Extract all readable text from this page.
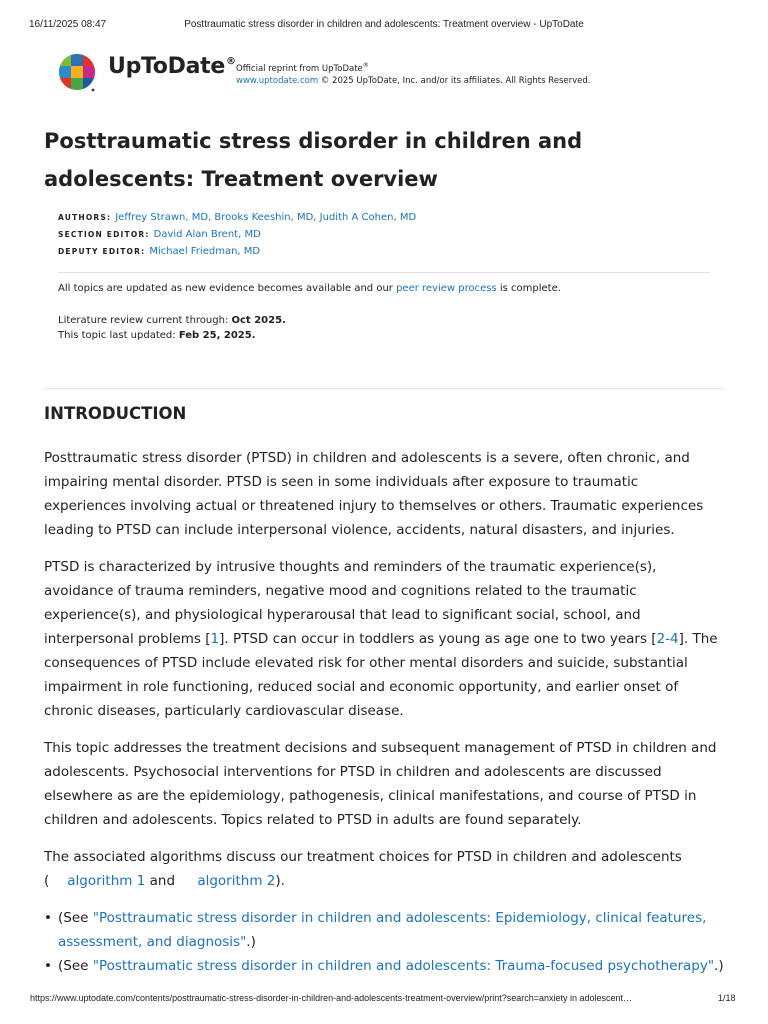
16/11/2025 08:47	Posttraumatic stress disorder in children and adolescents: Treatment overview - UpToDate
UpToDate®
Official reprint from UpToDate®
www.uptodate.com © 2025 UpToDate, Inc. and/or its affiliates. All Rights Reserved.
Posttraumatic stress disorder in children and adolescents: Treatment overview
AUTHORS: Jeffrey Strawn, MD, Brooks Keeshin, MD, Judith A Cohen, MD
SECTION EDITOR: David Alan Brent, MD
DEPUTY EDITOR: Michael Friedman, MD
All topics are updated as new evidence becomes available and our peer review process is complete.
Literature review current through: Oct 2025.
This topic last updated: Feb 25, 2025.
INTRODUCTION

Posttraumatic stress disorder (PTSD) in children and adolescents is a severe, often chronic, and impairing mental disorder. PTSD is seen in some individuals after exposure to traumatic experiences involving actual or threatened injury to themselves or others. Traumatic experiences leading to PTSD can include interpersonal violence, accidents, natural disasters, and injuries.

PTSD is characterized by intrusive thoughts and reminders of the traumatic experience(s), avoidance of trauma reminders, negative mood and cognitions related to the traumatic experience(s), and physiological hyperarousal that lead to significant social, school, and interpersonal problems [1]. PTSD can occur in toddlers as young as age one to two years [2-4]. The consequences of PTSD include elevated risk for other mental disorders and suicide, substantial impairment in role functioning, reduced social and economic opportunity, and earlier onset of chronic diseases, particularly cardiovascular disease.

This topic addresses the treatment decisions and subsequent management of PTSD in children and adolescents. Psychosocial interventions for PTSD in children and adolescents are discussed elsewhere as are the epidemiology, pathogenesis, clinical manifestations, and course of PTSD in children and adolescents. Topics related to PTSD in adults are found separately.

The associated algorithms discuss our treatment choices for PTSD in children and adolescents
( algorithm 1 and algorithm 2).

• (See "Posttraumatic stress disorder in children and adolescents: Epidemiology, clinical features, assessment, and diagnosis".)
• (See "Posttraumatic stress disorder in children and adolescents: Trauma-focused psychotherapy".)
https://www.uptodate.com/contents/posttraumatic-stress-disorder-in-children-and-adolescents-treatment-overview/print?search=anxiety in adolescent…	1/18
